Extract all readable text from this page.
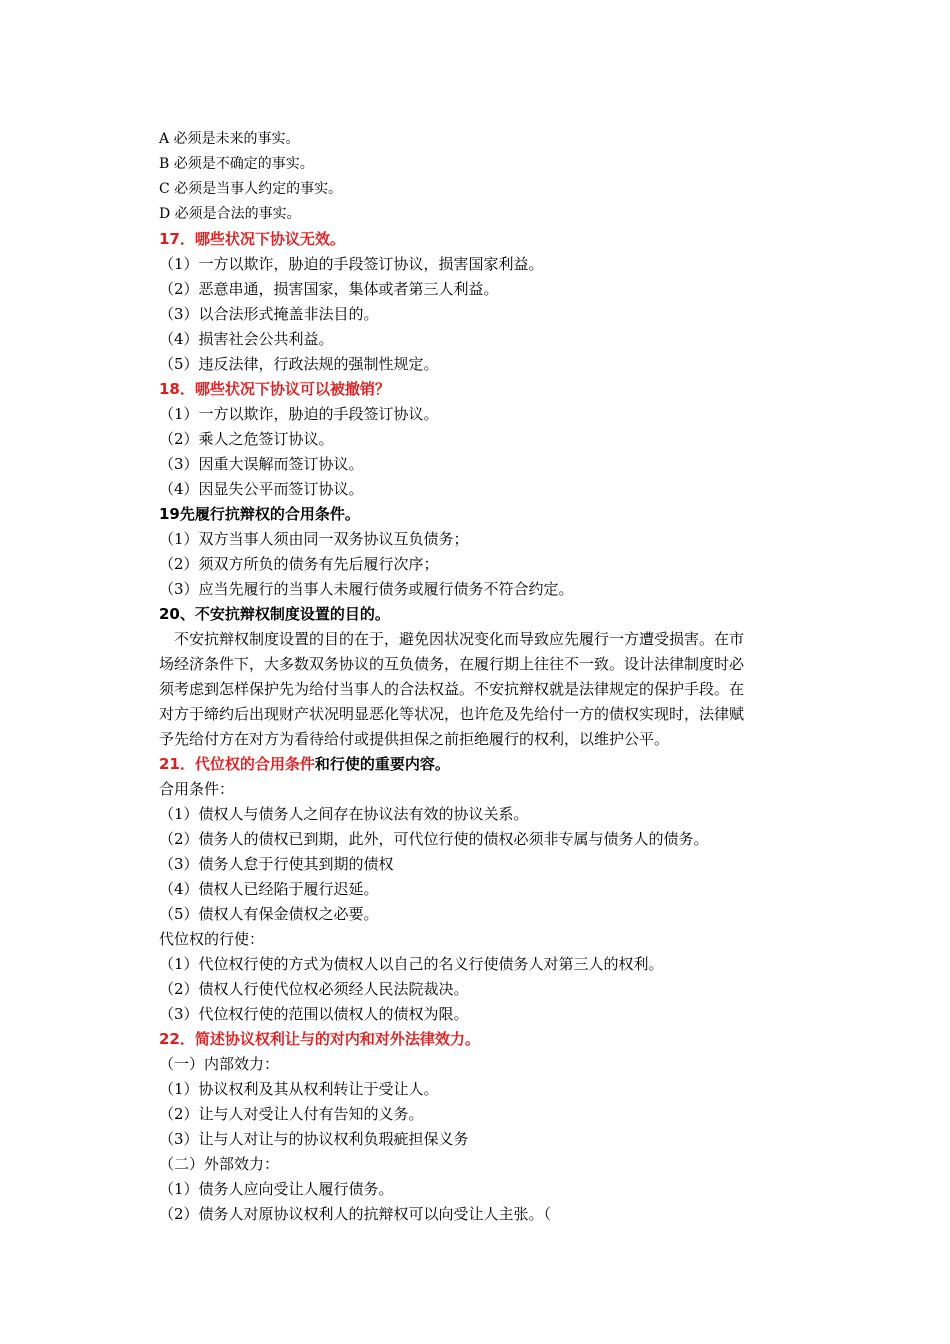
A 必须是未来的事实。
B 必须是不确定的事实。
C 必须是当事人约定的事实。
D 必须是合法的事实。
17．哪些状况下协议无效。
（1）一方以欺诈，胁迫的手段签订协议，损害国家利益。
（2）恶意串通，损害国家，集体或者第三人利益。
（3）以合法形式掩盖非法目的。
（4）损害社会公共利益。
（5）违反法律，行政法规的强制性规定。
18．哪些状况下协议可以被撤销？
（1）一方以欺诈，胁迫的手段签订协议。
（2）乘人之危签订协议。
（3）因重大误解而签订协议。
（4）因显失公平而签订协议。
19先履行抗辩权的合用条件。
（1）双方当事人须由同一双务协议互负债务；
（2）须双方所负的债务有先后履行次序；
（3）应当先履行的当事人未履行债务或履行债务不符合约定。
20、不安抗辩权制度设置的目的。
　不安抗辩权制度设置的目的在于，避免因状况变化而导致应先履行一方遭受损害。在市
场经济条件下，大多数双务协议的互负债务，在履行期上往往不一致。设计法律制度时必
须考虑到怎样保护先为给付当事人的合法权益。不安抗辩权就是法律规定的保护手段。在
对方于缔约后出现财产状况明显恶化等状况，也许危及先给付一方的债权实现时，法律赋
予先给付方在对方为看待给付或提供担保之前拒绝履行的权利，以维护公平。
21．代位权的合用条件和行使的重要内容。
合用条件：
（1）债权人与债务人之间存在协议法有效的协议关系。
（2）债务人的债权已到期，此外，可代位行使的债权必须非专属与债务人的债务。
（3）债务人怠于行使其到期的债权
（4）债权人已经陷于履行迟延。
（5）债权人有保金债权之必要。
代位权的行使：
（1）代位权行使的方式为债权人以自己的名义行使债务人对第三人的权利。
（2）债权人行使代位权必须经人民法院裁决。
（3）代位权行使的范围以债权人的债权为限。
22．简述协议权利让与的对内和对外法律效力。
（一）内部效力：
（1）协议权利及其从权利转让于受让人。
（2）让与人对受让人付有告知的义务。
（3）让与人对让与的协议权利负瑕疵担保义务
（二）外部效力：
（1）债务人应向受让人履行债务。
（2）债务人对原协议权利人的抗辩权可以向受让人主张。（
